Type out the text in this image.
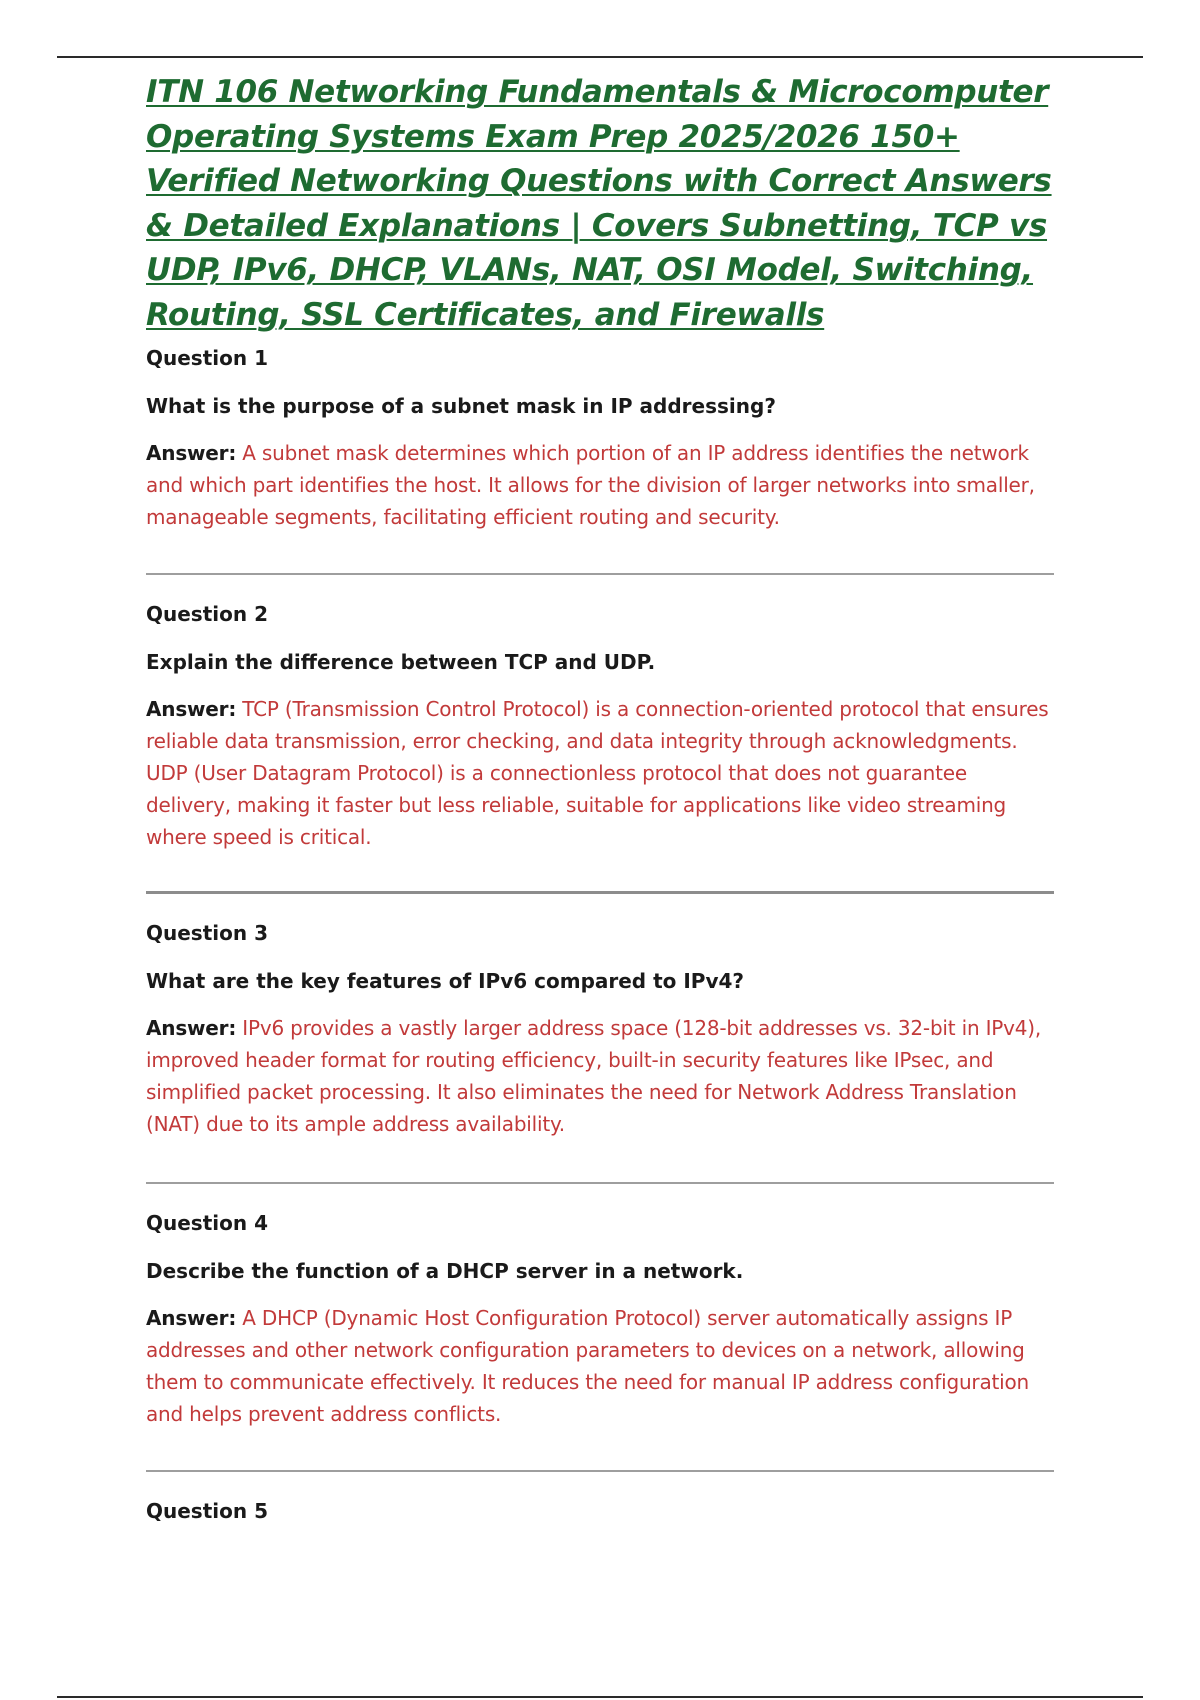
ITN 106 Networking Fundamentals & Microcomputer Operating Systems Exam Prep 2025/2026 150+ Verified Networking Questions with Correct Answers & Detailed Explanations | Covers Subnetting, TCP vs UDP, IPv6, DHCP, VLANs, NAT, OSI Model, Switching, Routing, SSL Certificates, and Firewalls

Question 1

What is the purpose of a subnet mask in IP addressing?

Answer: A subnet mask determines which portion of an IP address identifies the network and which part identifies the host. It allows for the division of larger networks into smaller, manageable segments, facilitating efficient routing and security.

Question 2

Explain the difference between TCP and UDP.

Answer: TCP (Transmission Control Protocol) is a connection-oriented protocol that ensures reliable data transmission, error checking, and data integrity through acknowledgments. UDP (User Datagram Protocol) is a connectionless protocol that does not guarantee delivery, making it faster but less reliable, suitable for applications like video streaming where speed is critical.

Question 3

What are the key features of IPv6 compared to IPv4?

Answer: IPv6 provides a vastly larger address space (128-bit addresses vs. 32-bit in IPv4), improved header format for routing efficiency, built-in security features like IPsec, and simplified packet processing. It also eliminates the need for Network Address Translation (NAT) due to its ample address availability.

Question 4

Describe the function of a DHCP server in a network.

Answer: A DHCP (Dynamic Host Configuration Protocol) server automatically assigns IP addresses and other network configuration parameters to devices on a network, allowing them to communicate effectively. It reduces the need for manual IP address configuration and helps prevent address conflicts.

Question 5
